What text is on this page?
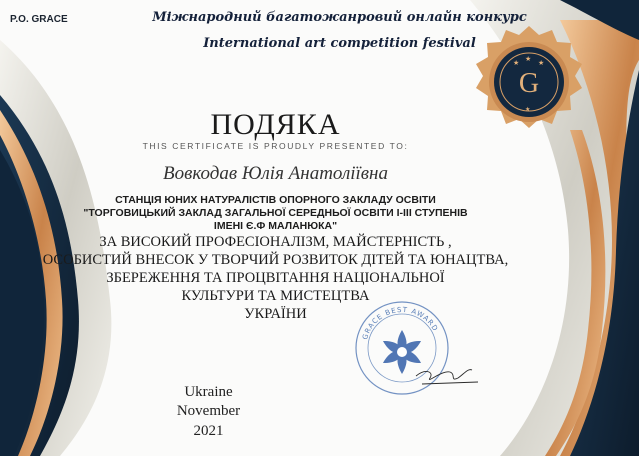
P.O. GRACE	Міжнародний багатожанровий онлайн конкурс

International art competition festival

G
★ ★ ★
★

ПОДЯКА

THIS CERTIFICATE IS PROUDLY PRESENTED TO:

Вовкодав Юлія Анатоліївна

СТАНЦІЯ ЮНИХ НАТУРАЛІСТІВ ОПОРНОГО ЗАКЛАДУ ОСВІТИ

"ТОРГОВИЦЬКИЙ ЗАКЛАД ЗАГАЛЬНОЇ СЕРЕДНЬОЇ ОСВІТИ І-ІІІ СТУПЕНІВ

ІМЕНІ Є.Ф МАЛАНЮКА"

ЗА ВИСОКИЙ ПРОФЕСІОНАЛІЗМ, МАЙСТЕРНІСТЬ ,

ОСОБИСТИЙ ВНЕСОК У ТВОРЧИЙ РОЗВИТОК ДІТЕЙ ТА ЮНАЦТВА,

ЗБЕРЕЖЕННЯ ТА ПРОЦВІТАННЯ НАЦІОНАЛЬНОЇ

КУЛЬТУРИ ТА МИСТЕЦТВА

УКРАЇНИ

GRACE BEST AWARD

Ukraine

November

2021
